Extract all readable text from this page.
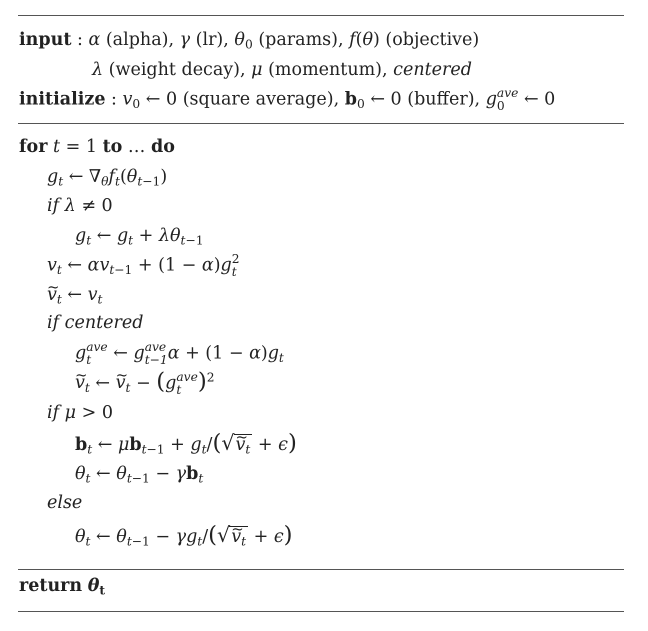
input : α (alpha), γ (lr), $\theta_0$ (params), f(θ) (objective)
λ (weight decay), μ (momentum), centered
initialize : $v_0$ ← 0 (square average), $b_0$ ← 0 (buffer), g ave
0 ← 0
for t = 1 to … do
$g_t$ ← $\nabla_\theta f_t(\theta_{t-1})$
if λ ≠ 0
$g_t$ ← $g_t + \lambda\theta_{t-1}$
$v_t$ ← $\alpha v_{t-1} + (1 - \alpha)g$ 2
t
~ $v_t$ ← $v_t$
if centered
g ave
t ← g ave
t−1 $\alpha + (1 - \alpha)g_t$
~ $v_t$ ← ~ $v_t - (g$ ave
t )$^2$
if μ > 0
$b_t$ ← $\mu b_{t-1}$ + $g_t/(√\sim$ $v_t + \epsilon$)
$\theta_t$ ← $\theta_{t-1} - \gamma b_t$
else
$\theta_t$ ← $\theta_{t-1}$ − $\gamma g_t/(√\sim$ $v_t + \epsilon$)
return $\theta_t$
